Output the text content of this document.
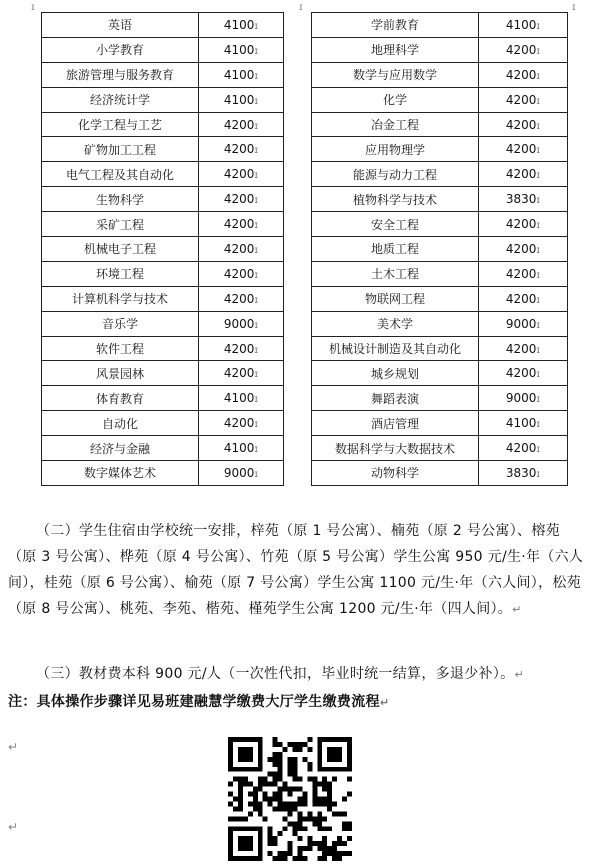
ɪ	ɪ	ɪ
英语	4100ɪ
小学教育	4100ɪ
旅游管理与服务教育	4100ɪ
经济统计学	4100ɪ
化学工程与工艺	4200ɪ
矿物加工工程	4200ɪ
电气工程及其自动化	4200ɪ
生物科学	4200ɪ
采矿工程	4200ɪ
机械电子工程	4200ɪ
环境工程	4200ɪ
计算机科学与技术	4200ɪ
音乐学	9000ɪ
软件工程	4200ɪ
风景园林	4200ɪ
体育教育	4100ɪ
自动化	4200ɪ
经济与金融	4100ɪ
数字媒体艺术	9000ɪ
学前教育	4100ɪ
地理科学	4200ɪ
数学与应用数学	4200ɪ
化学	4200ɪ
冶金工程	4200ɪ
应用物理学	4200ɪ
能源与动力工程	4200ɪ
植物科学与技术	3830ɪ
安全工程	4200ɪ
地质工程	4200ɪ
土木工程	4200ɪ
物联网工程	4200ɪ
美术学	9000ɪ
机械设计制造及其自动化	4200ɪ
城乡规划	4200ɪ
舞蹈表演	9000ɪ
酒店管理	4100ɪ
数据科学与大数据技术	4200ɪ
动物科学	3830ɪ
（二）学生住宿由学校统一安排，梓苑（原 1 号公寓）、楠苑（原 2 号公寓）、榕苑（原 3 号公寓）、桦苑（原 4 号公寓）、竹苑（原 5 号公寓）学生公寓 950 元/生·年（六人间），桂苑（原 6 号公寓）、榆苑（原 7 号公寓）学生公寓 1100 元/生·年（六人间），松苑（原 8 号公寓）、桃苑、李苑、楷苑、槿苑学生公寓 1200 元/生·年（四人间）。↵
（三）教材费本科 900 元/人（一次性代扣，毕业时统一结算，多退少补）。↵
注：具体操作步骤详见易班建融慧学缴费大厅学生缴费流程↵
↵
↵
